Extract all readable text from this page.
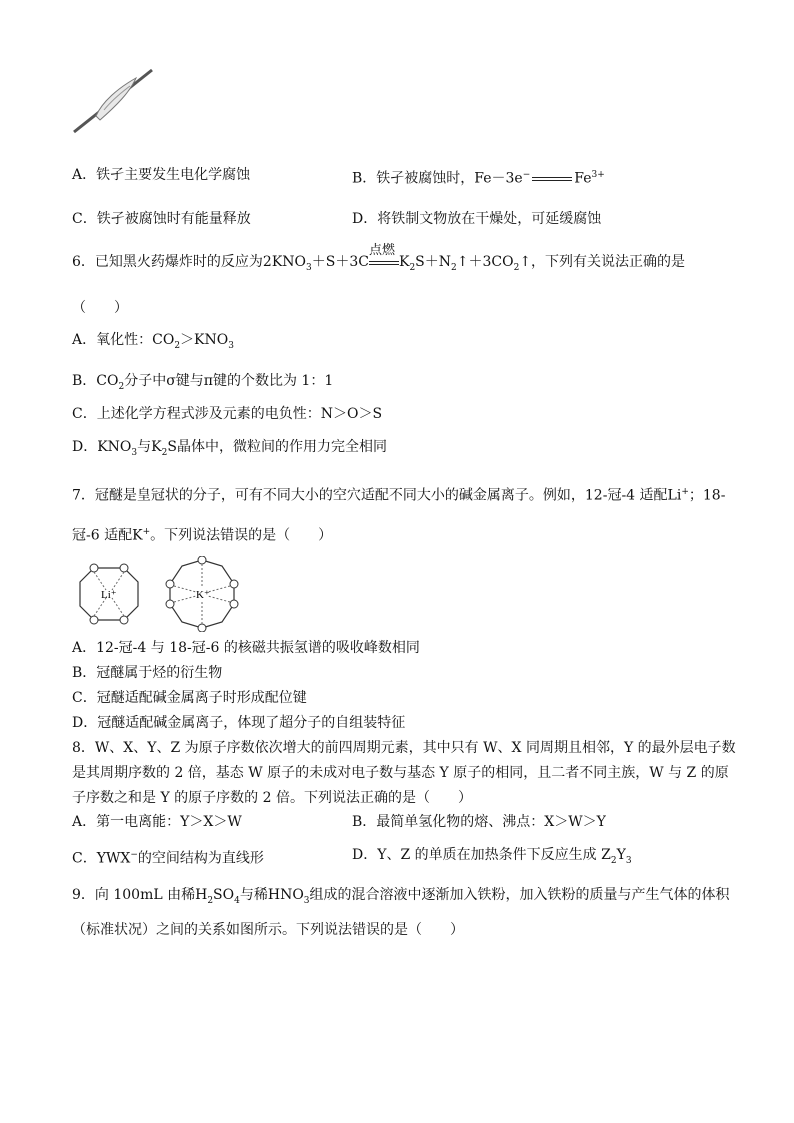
A．铁孑主要发生电化学腐蚀	B．铁孑被腐蚀时，Fe－3e−	$Fe^{3+}$
C．铁孑被腐蚀时有能量释放	D．将铁制文物放在干燥处，可延缓腐蚀
6．已知黑火药爆炸时的反应为$2KNO_3+S+3C$
点燃
$K_2S+N_2↑+3CO_2↑$，下列有关说法正确的是
（　　）
A．氧化性：$CO_2>KNO_3$
B．$CO_2$分子中σ键与π键的个数比为 1：1
C．上述化学方程式涉及元素的电负性：N＞O＞S
D．$KNO_3$与$K_2S$晶体中，微粒间的作用力完全相同
7．冠醚是皇冠状的分子，可有不同大小的空穴适配不同大小的碱金属离子。例如，12-冠-4 适配Li+；18-
冠-6 适配K+。下列说法错误的是（　　）
Li⁺	K⁺
A．12-冠-4 与 18-冠-6 的核磁共振氢谱的吸收峰数相同
B．冠醚属于烃的衍生物
C．冠醚适配碱金属离子时形成配位键
D．冠醚适配碱金属离子，体现了超分子的自组装特征
8．W、X、Y、Z 为原子序数依次增大的前四周期元素，其中只有 W、X 同周期且相邻，Y 的最外层电子数
是其周期序数的 2 倍，基态 W 原子的未成对电子数与基态 Y 原子的相同，且二者不同主族，W 与 Z 的原
子序数之和是 Y 的原子序数的 2 倍。下列说法正确的是（　　）
A．第一电离能：Y＞X＞W	B．最简单氢化物的熔、沸点：X＞W＞Y
C．YWX−的空间结构为直线形	D．Y、Z 的单质在加热条件下反应生成 $Z_2Y_3$
9．向 100mL 由稀$H_2SO_4$与稀$HNO_3$组成的混合溶液中逐渐加入铁粉，加入铁粉的质量与产生气体的体积
（标准状况）之间的关系如图所示。下列说法错误的是（　　）
